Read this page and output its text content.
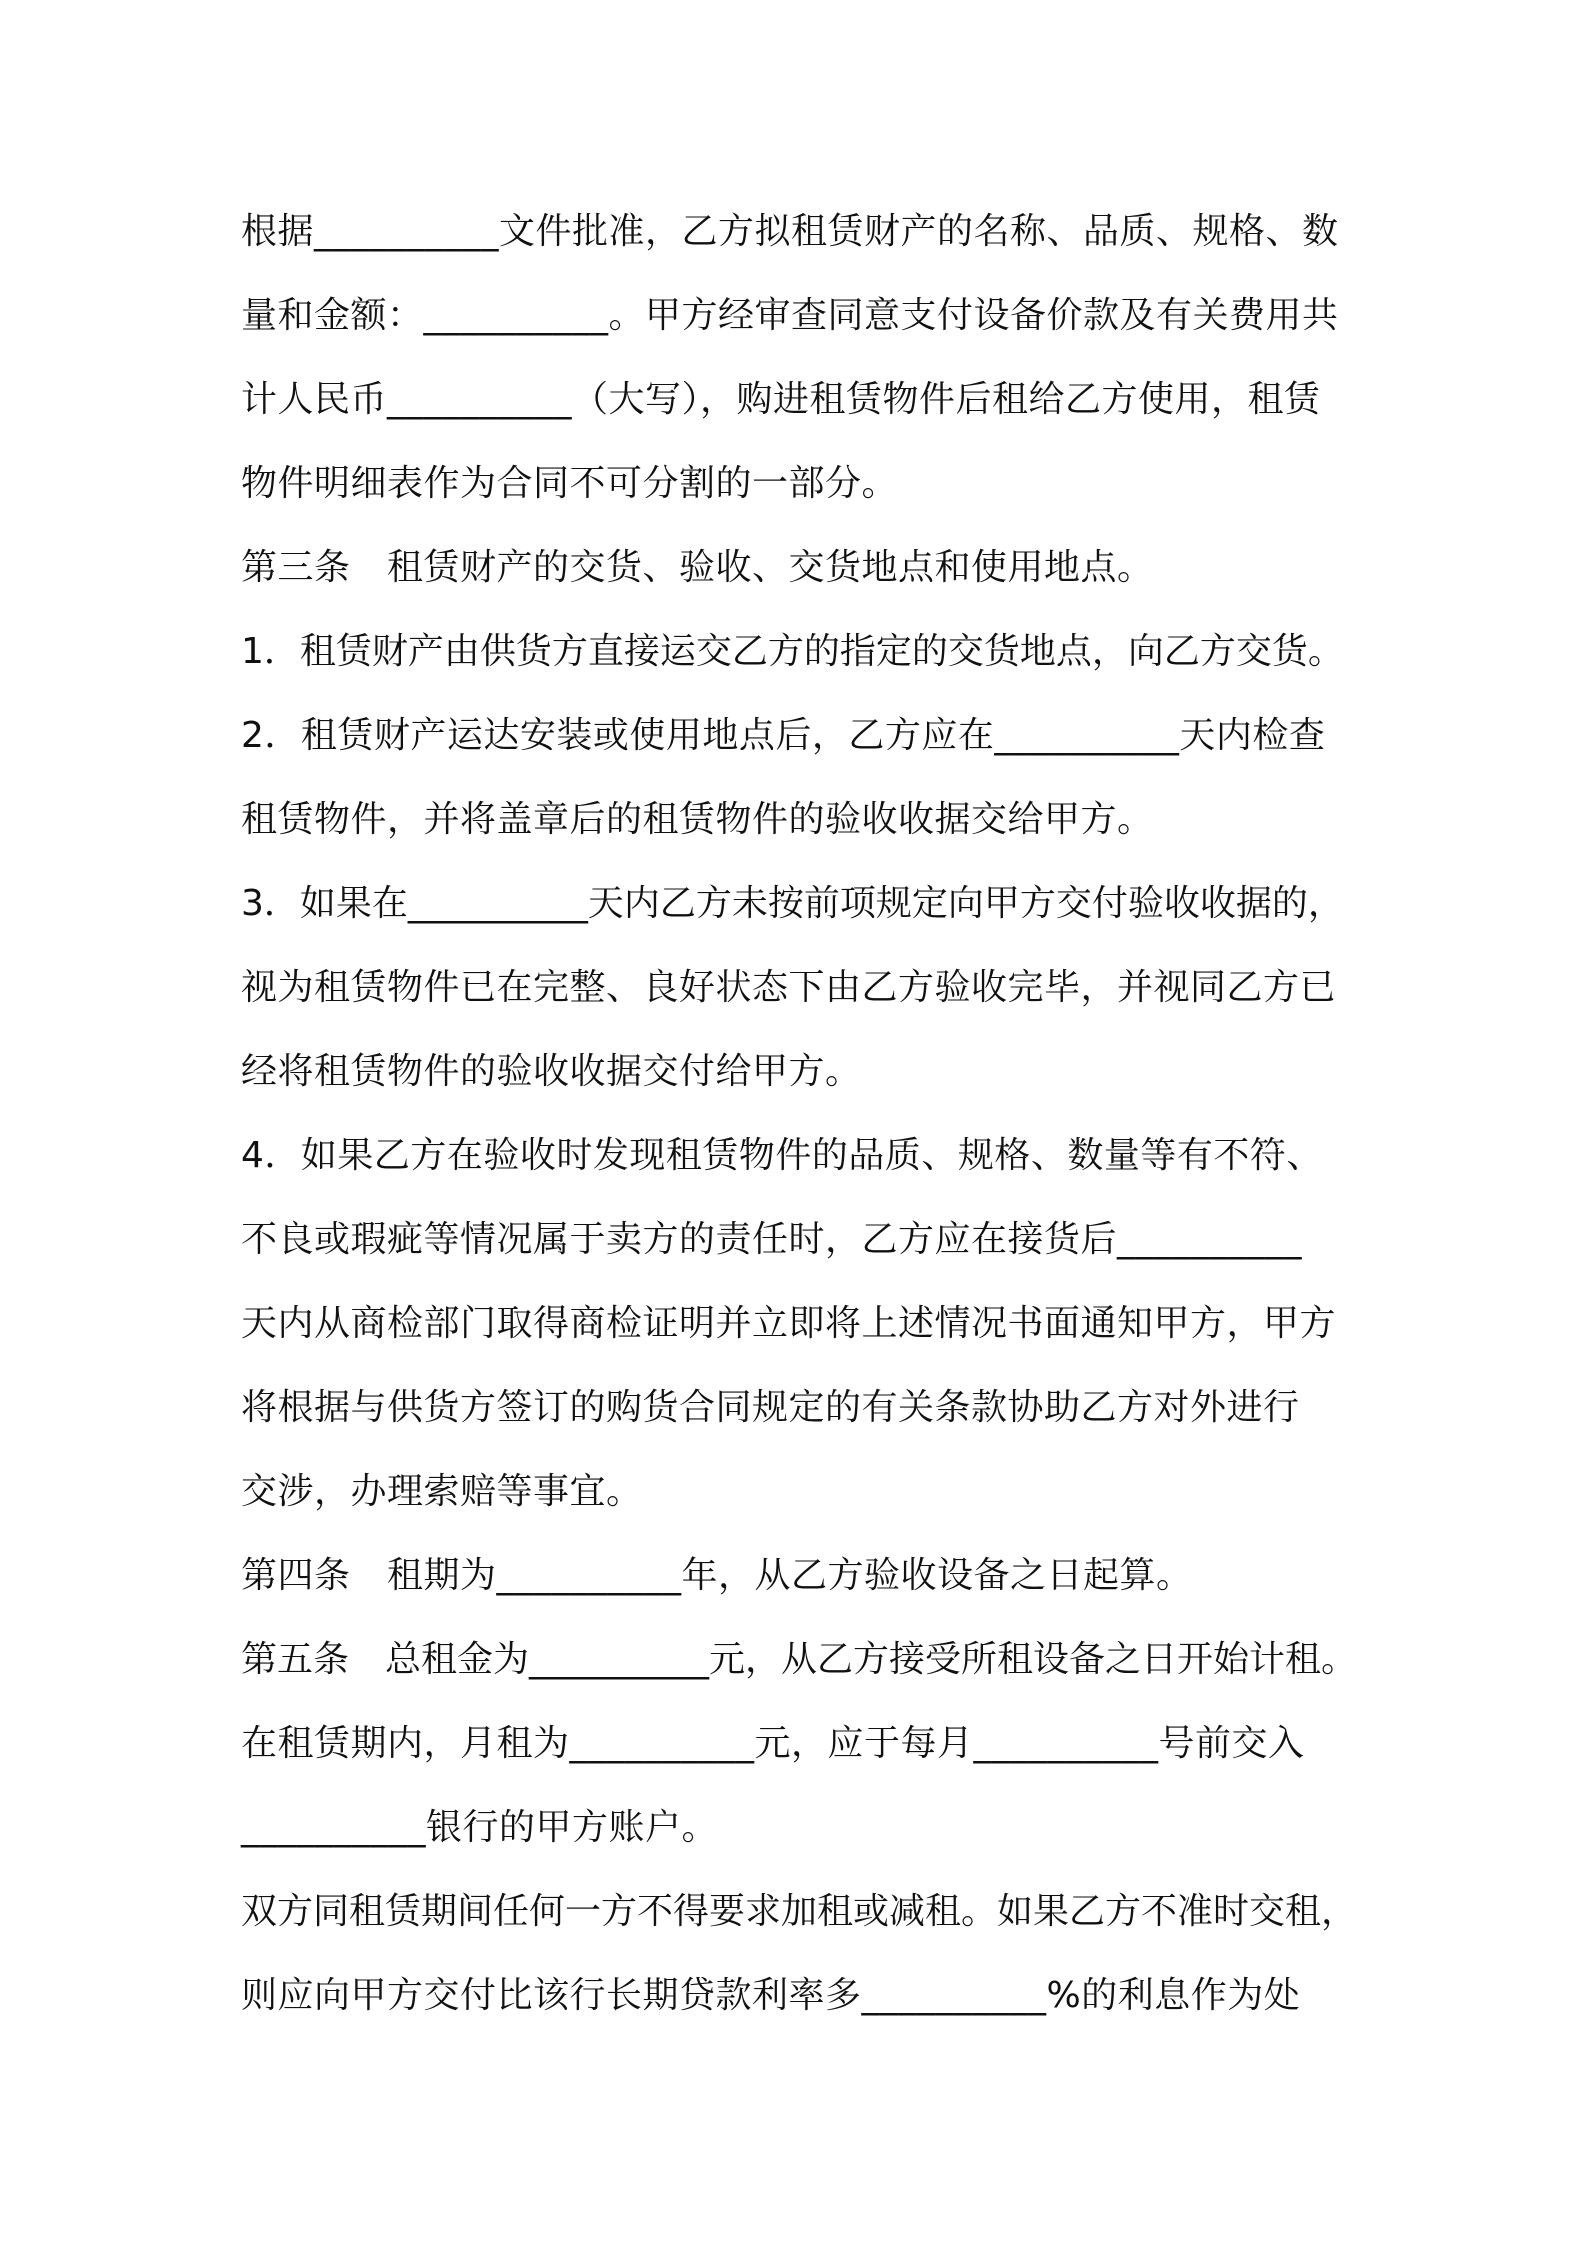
根据__________文件批准，乙方拟租赁财产的名称、品质、规格、数
量和金额：__________。甲方经审查同意支付设备价款及有关费用共
计人民币__________（大写），购进租赁物件后租给乙方使用，租赁
物件明细表作为合同不可分割的一部分。
第三条　租赁财产的交货、验收、交货地点和使用地点。
1．租赁财产由供货方直接运交乙方的指定的交货地点，向乙方交货。
2．租赁财产运达安装或使用地点后，乙方应在__________天内检查
租赁物件，并将盖章后的租赁物件的验收收据交给甲方。
3．如果在__________天内乙方未按前项规定向甲方交付验收收据的，
视为租赁物件已在完整、良好状态下由乙方验收完毕，并视同乙方已
经将租赁物件的验收收据交付给甲方。
4．如果乙方在验收时发现租赁物件的品质、规格、数量等有不符、
不良或瑕疵等情况属于卖方的责任时，乙方应在接货后__________
天内从商检部门取得商检证明并立即将上述情况书面通知甲方，甲方
将根据与供货方签订的购货合同规定的有关条款协助乙方对外进行
交涉，办理索赔等事宜。
第四条　租期为__________年，从乙方验收设备之日起算。
第五条　总租金为__________元，从乙方接受所租设备之日开始计租。
在租赁期内，月租为__________元，应于每月__________号前交入
__________银行的甲方账户。
双方同租赁期间任何一方不得要求加租或减租。如果乙方不准时交租，
则应向甲方交付比该行长期贷款利率多__________%的利息作为处
